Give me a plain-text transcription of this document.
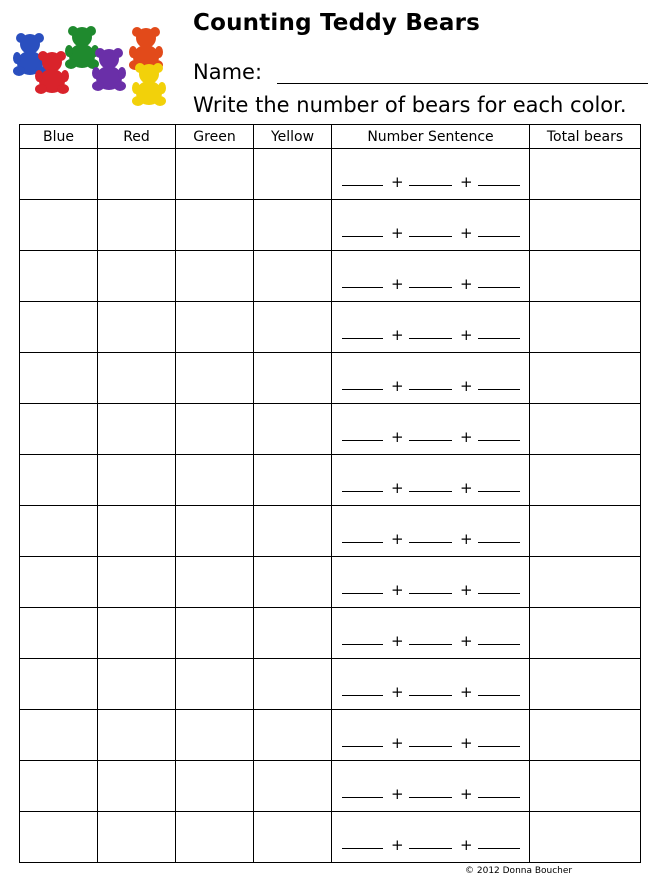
Counting Teddy Bears
Name:
Write the number of bears for each color.
Blue	Red	Green	Yellow	Number Sentence	Total bears

				+ +	

				+ +	

				+ +	

				+ +	

				+ +	

				+ +	

				+ +	

				+ +	

				+ +	

				+ +	

				+ +	

				+ +	

				+ +	

				+ +	

© 2012 Donna Boucher
